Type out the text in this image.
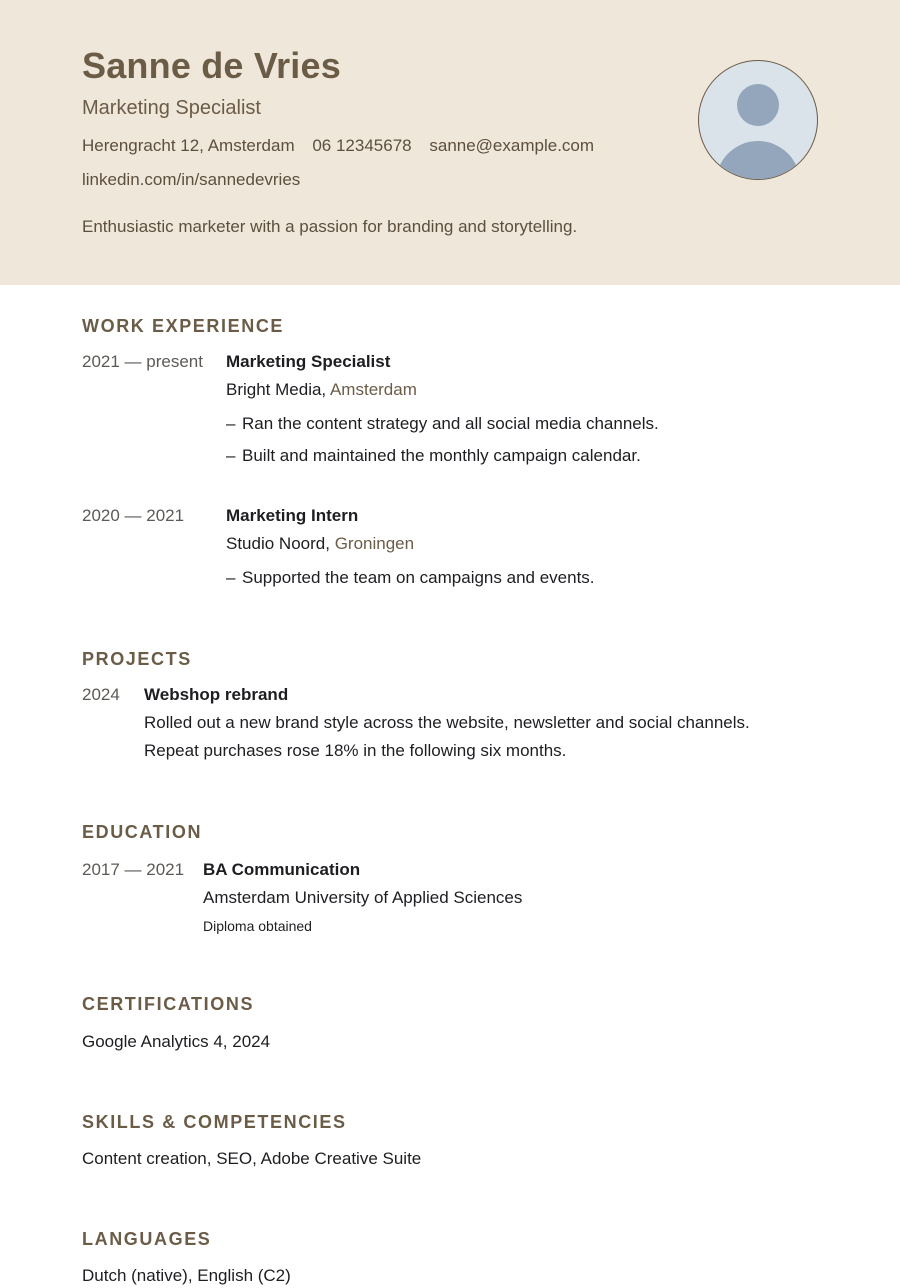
Sanne de Vries
Marketing Specialist
Herengracht 12, Amsterdam 06 12345678 sanne@example.com
linkedin.com/in/sannedevries
Enthusiastic marketer with a passion for branding and storytelling.
WORK EXPERIENCE
2021 — present Marketing Specialist
Bright Media, Amsterdam
– Ran the content strategy and all social media channels.
– Built and maintained the monthly campaign calendar.
2020 — 2021 Marketing Intern
Studio Noord, Groningen
– Supported the team on campaigns and events.
PROJECTS
2024 Webshop rebrand
Rolled out a new brand style across the website, newsletter and social channels.
Repeat purchases rose 18% in the following six months.
EDUCATION
2017 — 2021 BA Communication
Amsterdam University of Applied Sciences
Diploma obtained
CERTIFICATIONS
Google Analytics 4, 2024
SKILLS & COMPETENCIES
Content creation, SEO, Adobe Creative Suite
LANGUAGES
Dutch (native), English (C2)
